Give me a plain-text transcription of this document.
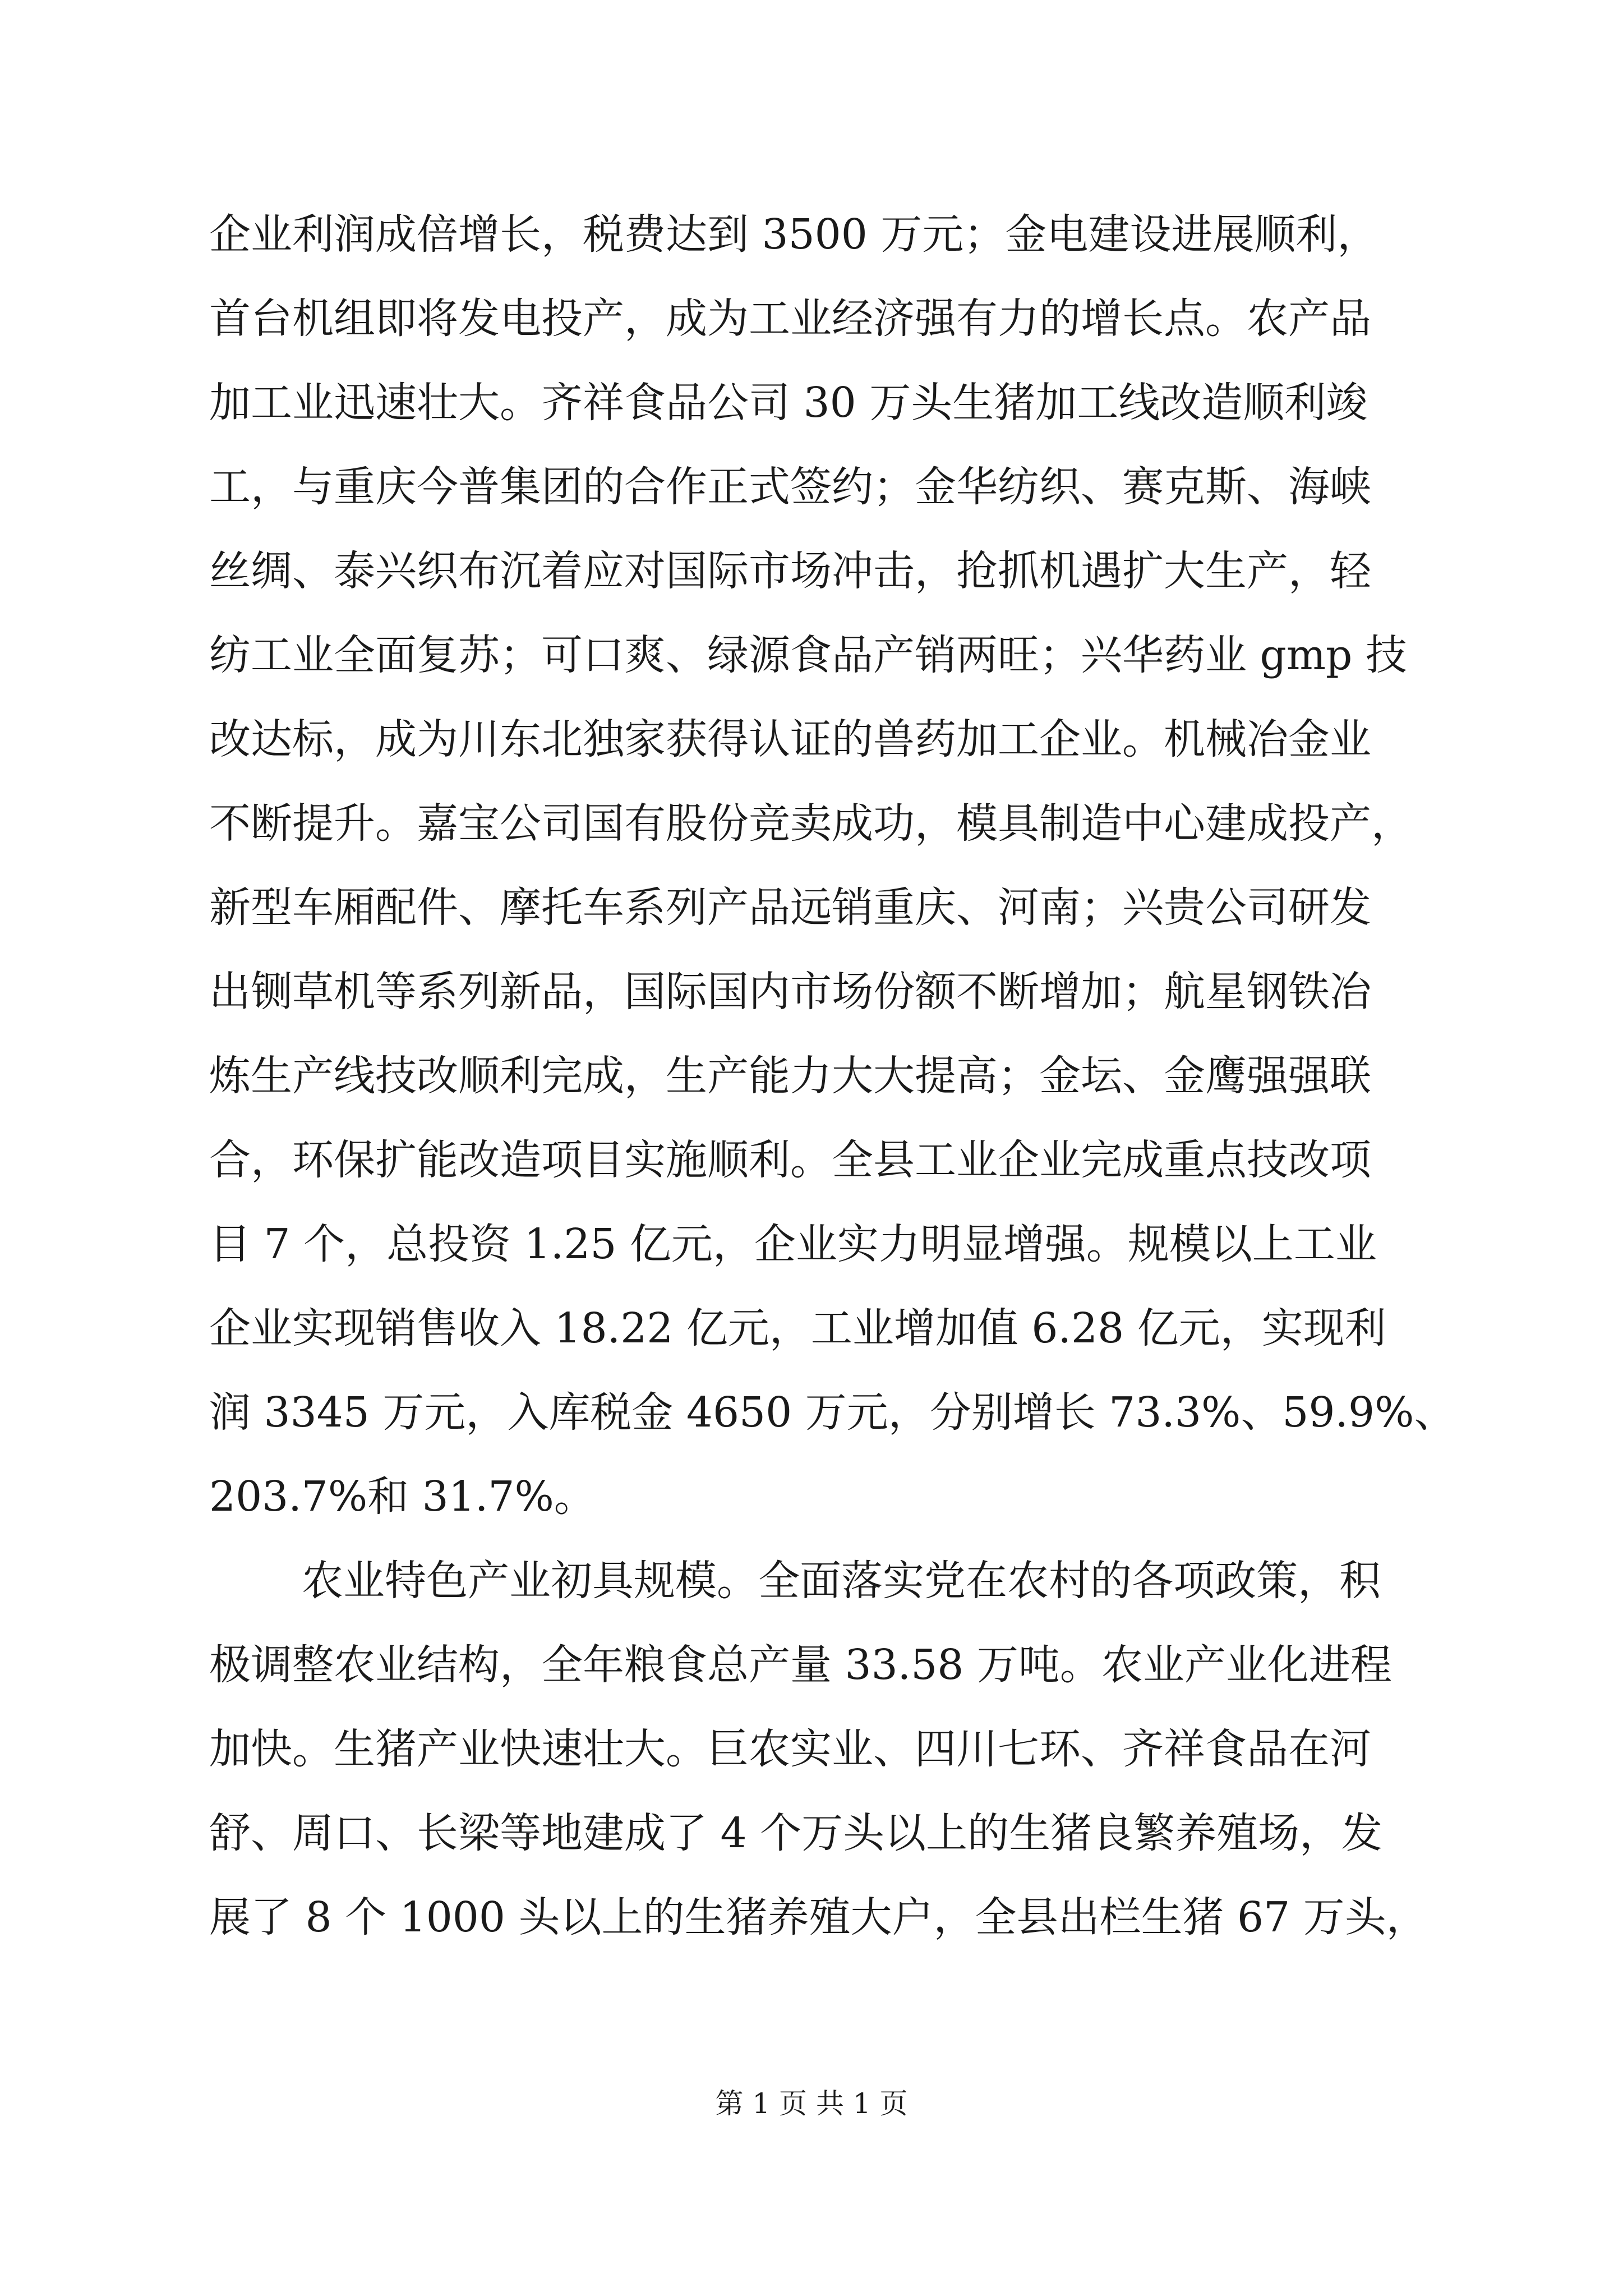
企业利润成倍增长，税费达到 3500 万元；金电建设进展顺利，
首台机组即将发电投产，成为工业经济强有力的增长点。农产品
加工业迅速壮大。齐祥食品公司 30 万头生猪加工线改造顺利竣
工，与重庆今普集团的合作正式签约；金华纺织、赛克斯、海峡
丝绸、泰兴织布沉着应对国际市场冲击，抢抓机遇扩大生产，轻
纺工业全面复苏；可口爽、绿源食品产销两旺；兴华药业 gmp 技
改达标，成为川东北独家获得认证的兽药加工企业。机械冶金业
不断提升。嘉宝公司国有股份竞卖成功，模具制造中心建成投产，
新型车厢配件、摩托车系列产品远销重庆、河南；兴贵公司研发
出铡草机等系列新品，国际国内市场份额不断增加；航星钢铁冶
炼生产线技改顺利完成，生产能力大大提高；金坛、金鹰强强联
合，环保扩能改造项目实施顺利。全县工业企业完成重点技改项
目 7 个，总投资 1.25 亿元，企业实力明显增强。规模以上工业
企业实现销售收入 18.22 亿元，工业增加值 6.28 亿元，实现利
润 3345 万元，入库税金 4650 万元，分别增长 73.3%、59.9%、
203.7%和 31.7%。
农业特色产业初具规模。全面落实党在农村的各项政策，积
极调整农业结构，全年粮食总产量 33.58 万吨。农业产业化进程
加快。生猪产业快速壮大。巨农实业、四川七环、齐祥食品在河
舒、周口、长梁等地建成了 4 个万头以上的生猪良繁养殖场，发
展了 8 个 1000 头以上的生猪养殖大户，全县出栏生猪 67 万头，
第 1 页 共 1 页
